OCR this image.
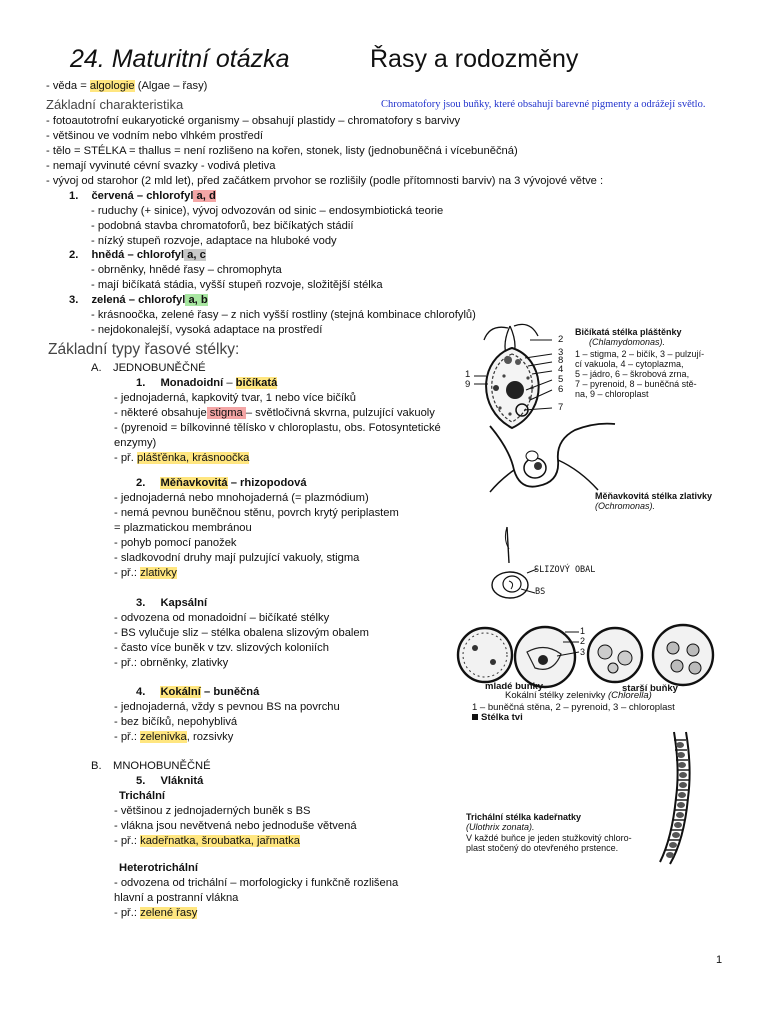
24. Maturitní otázka	Řasy a rodozměny
- věda = algologie (Algae – řasy)
Základní charakteristika	Chromatofory jsou buňky, které obsahují barevné pigmenty a odrážejí světlo.
- fotoautotrofní eukaryotické organismy – obsahují plastidy – chromatofory s barvivy
- většinou ve vodním nebo vlhkém prostředí
- tělo = STÉLKA = thallus = není rozlišeno na kořen, stonek, listy (jednobuněčná i vícebuněčná)
- nemají vyvinuté cévní svazky - vodivá pletiva
- vývoj od starohor (2 mld let), před začátkem prvohor se rozlišily (podle přítomnosti barviv) na 3 vývojové větve :
1. červená – chlorofyl a, d
- ruduchy (+ sinice), vývoj odvozován od sinic – endosymbiotická teorie
- podobná stavba chromatoforů, bez bičíkatých stádií
- nízký stupeň rozvoje, adaptace na hluboké vody
2. hnědá – chlorofyl a, c
- obrněnky, hnědé řasy – chromophyta
- mají bičíkatá stádia, vyšší stupeň rozvoje, složitější stélka
3. zelená – chlorofyl a, b
- krásnoočka, zelené řasy – z nich vyšší rostliny (stejná kombinace chlorofylů)
- nejdokonalejší, vysoká adaptace na prostředí
Základní typy řasové stélky:
A. JEDNOBUNĚČNÉ
1. Monadoidní – bičíkatá
- jednojaderná, kapkovitý tvar, 1 nebo více bičíků
- některé obsahuje stigma – světločivná skvrna, pulzující vakuoly
- (pyrenoid = bílkovinné tělísko v chloroplastu, obs. Fotosyntetické
enzymy)
- př. plášťěnka, krásnoočka
2. Měňavkovitá – rhizopodová
- jednojaderná nebo mnohojaderná (= plazmódium)
- nemá pevnou buněčnou stěnu, povrch krytý periplastem
= plazmatickou membránou
- pohyb pomocí panožek
- sladkovodní druhy mají pulzující vakuoly, stigma
- př.: zlativky
3. Kapsální
- odvozena od monadoidní – bičíkaté stélky
- BS vylučuje sliz – stélka obalena slizovým obalem
- často více buněk v tzv. slizových koloniích
- př.: obrněnky, zlativky
4. Kokální – buněčná
- jednojaderná, vždy s pevnou BS na povrchu
- bez bičíků, nepohyblivá
- př.: zelenivka, rozsivky
B. MNOHOBUNĚČNÉ
5. Vláknitá
Trichální
- většinou z jednojaderných buněk s BS
- vlákna jsou nevětvená nebo jednoduše větvená
- př.: kadeřnatka, šroubatka, jařmatka
Heterotrichální
- odvozena od trichální – morfologicky i funkčně rozlišena
hlavní a postranní vlákna
- př.: zelené řasy
2
3
8
4
5
6
7
1
9
Bičíkatá stélka pláštěnky
(Chlamydomonas).
1 – stigma, 2 – bičík, 3 – pulzují-
cí vakuola, 4 – cytoplazma,
5 – jádro, 6 – škrobová zrna,
7 – pyrenoid, 8 – buněčná stě-
na, 9 – chloroplast
Měňavkovitá stélka zlativky
(Ochromonas).
SLIZOVÝ OBAL
BS
1
2
3
mladé buňky	starší buňky
Kokální stélky zelenivky (Chlorella)
1 – buněčná stěna, 2 – pyrenoid, 3 – chloroplast
Stélka tvi
Trichální stélka kadeřnatky
(Ulothrix zonata).
V každé buňce je jeden stužkovitý chloro-
plast stočený do otevřeného prstence.
1
